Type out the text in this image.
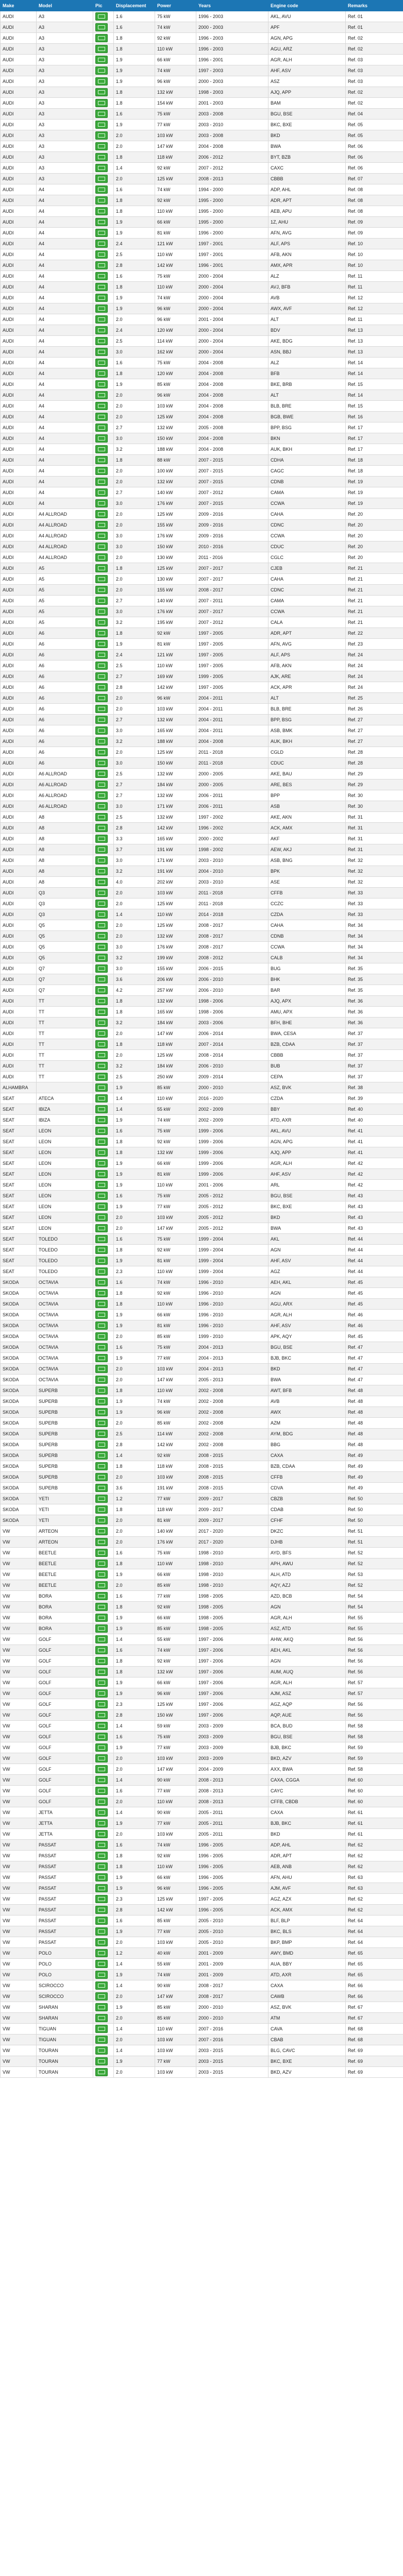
Make	Model	Pic	Displacement	Power	Years	Engine code	Remarks
AUDI	A3		1.6	75 kW	1996 - 2003	AKL, AVU	Ref. 01
AUDI	A3		1.6	74 kW	2000 - 2003	APF	Ref. 01
AUDI	A3		1.8	92 kW	1996 - 2003	AGN, APG	Ref. 02
AUDI	A3		1.8	110 kW	1996 - 2003	AGU, ARZ	Ref. 02
AUDI	A3		1.9	66 kW	1996 - 2001	AGR, ALH	Ref. 03
AUDI	A3		1.9	74 kW	1997 - 2003	AHF, ASV	Ref. 03
AUDI	A3		1.9	96 kW	2000 - 2003	ASZ	Ref. 03
AUDI	A3		1.8	132 kW	1998 - 2003	AJQ, APP	Ref. 02
AUDI	A3		1.8	154 kW	2001 - 2003	BAM	Ref. 02
AUDI	A3		1.6	75 kW	2003 - 2008	BGU, BSE	Ref. 04
AUDI	A3		1.9	77 kW	2003 - 2010	BKC, BXE	Ref. 05
AUDI	A3		2.0	103 kW	2003 - 2008	BKD	Ref. 05
AUDI	A3		2.0	147 kW	2004 - 2008	BWA	Ref. 06
AUDI	A3		1.8	118 kW	2006 - 2012	BYT, BZB	Ref. 06
AUDI	A3		1.4	92 kW	2007 - 2012	CAXC	Ref. 06
AUDI	A3		2.0	125 kW	2008 - 2013	CBBB	Ref. 07
AUDI	A4		1.6	74 kW	1994 - 2000	ADP, AHL	Ref. 08
AUDI	A4		1.8	92 kW	1995 - 2000	ADR, APT	Ref. 08
AUDI	A4		1.8	110 kW	1995 - 2000	AEB, APU	Ref. 08
AUDI	A4		1.9	66 kW	1995 - 2000	1Z, AHU	Ref. 09
AUDI	A4		1.9	81 kW	1996 - 2000	AFN, AVG	Ref. 09
AUDI	A4		2.4	121 kW	1997 - 2001	ALF, APS	Ref. 10
AUDI	A4		2.5	110 kW	1997 - 2001	AFB, AKN	Ref. 10
AUDI	A4		2.8	142 kW	1996 - 2001	AMX, APR	Ref. 10
AUDI	A4		1.6	75 kW	2000 - 2004	ALZ	Ref. 11
AUDI	A4		1.8	110 kW	2000 - 2004	AVJ, BFB	Ref. 11
AUDI	A4		1.9	74 kW	2000 - 2004	AVB	Ref. 12
AUDI	A4		1.9	96 kW	2000 - 2004	AWX, AVF	Ref. 12
AUDI	A4		2.0	96 kW	2001 - 2004	ALT	Ref. 11
AUDI	A4		2.4	120 kW	2000 - 2004	BDV	Ref. 13
AUDI	A4		2.5	114 kW	2000 - 2004	AKE, BDG	Ref. 13
AUDI	A4		3.0	162 kW	2000 - 2004	ASN, BBJ	Ref. 13
AUDI	A4		1.6	75 kW	2004 - 2008	ALZ	Ref. 14
AUDI	A4		1.8	120 kW	2004 - 2008	BFB	Ref. 14
AUDI	A4		1.9	85 kW	2004 - 2008	BKE, BRB	Ref. 15
AUDI	A4		2.0	96 kW	2004 - 2008	ALT	Ref. 14
AUDI	A4		2.0	103 kW	2004 - 2008	BLB, BRE	Ref. 15
AUDI	A4		2.0	125 kW	2004 - 2008	BGB, BWE	Ref. 16
AUDI	A4		2.7	132 kW	2005 - 2008	BPP, BSG	Ref. 17
AUDI	A4		3.0	150 kW	2004 - 2008	BKN	Ref. 17
AUDI	A4		3.2	188 kW	2004 - 2008	AUK, BKH	Ref. 17
AUDI	A4		1.8	88 kW	2007 - 2015	CDHA	Ref. 18
AUDI	A4		2.0	100 kW	2007 - 2015	CAGC	Ref. 18
AUDI	A4		2.0	132 kW	2007 - 2015	CDNB	Ref. 19
AUDI	A4		2.7	140 kW	2007 - 2012	CAMA	Ref. 19
AUDI	A4		3.0	176 kW	2007 - 2015	CCWA	Ref. 19
AUDI	A4 ALLROAD		2.0	125 kW	2009 - 2016	CAHA	Ref. 20
AUDI	A4 ALLROAD		2.0	155 kW	2009 - 2016	CDNC	Ref. 20
AUDI	A4 ALLROAD		3.0	176 kW	2009 - 2016	CCWA	Ref. 20
AUDI	A4 ALLROAD		3.0	150 kW	2010 - 2016	CDUC	Ref. 20
AUDI	A4 ALLROAD		2.0	130 kW	2011 - 2016	CGLC	Ref. 20
AUDI	A5		1.8	125 kW	2007 - 2017	CJEB	Ref. 21
AUDI	A5		2.0	130 kW	2007 - 2017	CAHA	Ref. 21
AUDI	A5		2.0	155 kW	2008 - 2017	CDNC	Ref. 21
AUDI	A5		2.7	140 kW	2007 - 2011	CAMA	Ref. 21
AUDI	A5		3.0	176 kW	2007 - 2017	CCWA	Ref. 21
AUDI	A5		3.2	195 kW	2007 - 2012	CALA	Ref. 21
AUDI	A6		1.8	92 kW	1997 - 2005	ADR, APT	Ref. 22
AUDI	A6		1.9	81 kW	1997 - 2005	AFN, AVG	Ref. 23
AUDI	A6		2.4	121 kW	1997 - 2005	ALF, APS	Ref. 24
AUDI	A6		2.5	110 kW	1997 - 2005	AFB, AKN	Ref. 24
AUDI	A6		2.7	169 kW	1999 - 2005	AJK, ARE	Ref. 24
AUDI	A6		2.8	142 kW	1997 - 2005	ACK, APR	Ref. 24
AUDI	A6		2.0	96 kW	2004 - 2011	ALT	Ref. 25
AUDI	A6		2.0	103 kW	2004 - 2011	BLB, BRE	Ref. 26
AUDI	A6		2.7	132 kW	2004 - 2011	BPP, BSG	Ref. 27
AUDI	A6		3.0	165 kW	2004 - 2011	ASB, BMK	Ref. 27
AUDI	A6		3.2	188 kW	2004 - 2008	AUK, BKH	Ref. 27
AUDI	A6		2.0	125 kW	2011 - 2018	CGLD	Ref. 28
AUDI	A6		3.0	150 kW	2011 - 2018	CDUC	Ref. 28
AUDI	A6 ALLROAD		2.5	132 kW	2000 - 2005	AKE, BAU	Ref. 29
AUDI	A6 ALLROAD		2.7	184 kW	2000 - 2005	ARE, BES	Ref. 29
AUDI	A6 ALLROAD		2.7	132 kW	2006 - 2011	BPP	Ref. 30
AUDI	A6 ALLROAD		3.0	171 kW	2006 - 2011	ASB	Ref. 30
AUDI	A8		2.5	132 kW	1997 - 2002	AKE, AKN	Ref. 31
AUDI	A8		2.8	142 kW	1996 - 2002	ACK, AMX	Ref. 31
AUDI	A8		3.3	165 kW	2000 - 2002	AKF	Ref. 31
AUDI	A8		3.7	191 kW	1998 - 2002	AEW, AKJ	Ref. 31
AUDI	A8		3.0	171 kW	2003 - 2010	ASB, BNG	Ref. 32
AUDI	A8		3.2	191 kW	2004 - 2010	BPK	Ref. 32
AUDI	A8		4.0	202 kW	2003 - 2010	ASE	Ref. 32
AUDI	Q3		2.0	103 kW	2011 - 2018	CFFB	Ref. 33
AUDI	Q3		2.0	125 kW	2011 - 2018	CCZC	Ref. 33
AUDI	Q3		1.4	110 kW	2014 - 2018	CZDA	Ref. 33
AUDI	Q5		2.0	125 kW	2008 - 2017	CAHA	Ref. 34
AUDI	Q5		2.0	132 kW	2008 - 2017	CDNB	Ref. 34
AUDI	Q5		3.0	176 kW	2008 - 2017	CCWA	Ref. 34
AUDI	Q5		3.2	199 kW	2008 - 2012	CALB	Ref. 34
AUDI	Q7		3.0	155 kW	2006 - 2015	BUG	Ref. 35
AUDI	Q7		3.6	206 kW	2006 - 2010	BHK	Ref. 35
AUDI	Q7		4.2	257 kW	2006 - 2010	BAR	Ref. 35
AUDI	TT		1.8	132 kW	1998 - 2006	AJQ, APX	Ref. 36
AUDI	TT		1.8	165 kW	1998 - 2006	AMU, APX	Ref. 36
AUDI	TT		3.2	184 kW	2003 - 2006	BFH, BHE	Ref. 36
AUDI	TT		2.0	147 kW	2006 - 2014	BWA, CESA	Ref. 37
AUDI	TT		1.8	118 kW	2007 - 2014	BZB, CDAA	Ref. 37
AUDI	TT		2.0	125 kW	2008 - 2014	CBBB	Ref. 37
AUDI	TT		3.2	184 kW	2006 - 2010	BUB	Ref. 37
AUDI	TT		2.5	250 kW	2009 - 2014	CEPA	Ref. 37
ALHAMBRA			1.9	85 kW	2000 - 2010	ASZ, BVK	Ref. 38
SEAT	ATECA		1.4	110 kW	2016 - 2020	CZDA	Ref. 39
SEAT	IBIZA		1.4	55 kW	2002 - 2009	BBY	Ref. 40
SEAT	IBIZA		1.9	74 kW	2002 - 2009	ATD, AXR	Ref. 40
SEAT	LEON		1.6	75 kW	1999 - 2006	AKL, AVU	Ref. 41
SEAT	LEON		1.8	92 kW	1999 - 2006	AGN, APG	Ref. 41
SEAT	LEON		1.8	132 kW	1999 - 2006	AJQ, APP	Ref. 41
SEAT	LEON		1.9	66 kW	1999 - 2006	AGR, ALH	Ref. 42
SEAT	LEON		1.9	81 kW	1999 - 2006	AHF, ASV	Ref. 42
SEAT	LEON		1.9	110 kW	2001 - 2006	ARL	Ref. 42
SEAT	LEON		1.6	75 kW	2005 - 2012	BGU, BSE	Ref. 43
SEAT	LEON		1.9	77 kW	2005 - 2012	BKC, BXE	Ref. 43
SEAT	LEON		2.0	103 kW	2005 - 2012	BKD	Ref. 43
SEAT	LEON		2.0	147 kW	2005 - 2012	BWA	Ref. 43
SEAT	TOLEDO		1.6	75 kW	1999 - 2004	AKL	Ref. 44
SEAT	TOLEDO		1.8	92 kW	1999 - 2004	AGN	Ref. 44
SEAT	TOLEDO		1.9	81 kW	1999 - 2004	AHF, ASV	Ref. 44
SEAT	TOLEDO		2.3	110 kW	1999 - 2004	AGZ	Ref. 44
SKODA	OCTAVIA		1.6	74 kW	1996 - 2010	AEH, AKL	Ref. 45
SKODA	OCTAVIA		1.8	92 kW	1996 - 2010	AGN	Ref. 45
SKODA	OCTAVIA		1.8	110 kW	1996 - 2010	AGU, ARX	Ref. 45
SKODA	OCTAVIA		1.9	66 kW	1996 - 2010	AGR, ALH	Ref. 46
SKODA	OCTAVIA		1.9	81 kW	1996 - 2010	AHF, ASV	Ref. 46
SKODA	OCTAVIA		2.0	85 kW	1999 - 2010	APK, AQY	Ref. 45
SKODA	OCTAVIA		1.6	75 kW	2004 - 2013	BGU, BSE	Ref. 47
SKODA	OCTAVIA		1.9	77 kW	2004 - 2013	BJB, BKC	Ref. 47
SKODA	OCTAVIA		2.0	103 kW	2004 - 2013	BKD	Ref. 47
SKODA	OCTAVIA		2.0	147 kW	2005 - 2013	BWA	Ref. 47
SKODA	SUPERB		1.8	110 kW	2002 - 2008	AWT, BFB	Ref. 48
SKODA	SUPERB		1.9	74 kW	2002 - 2008	AVB	Ref. 48
SKODA	SUPERB		1.9	96 kW	2002 - 2008	AWX	Ref. 48
SKODA	SUPERB		2.0	85 kW	2002 - 2008	AZM	Ref. 48
SKODA	SUPERB		2.5	114 kW	2002 - 2008	AYM, BDG	Ref. 48
SKODA	SUPERB		2.8	142 kW	2002 - 2008	BBG	Ref. 48
SKODA	SUPERB		1.4	92 kW	2008 - 2015	CAXA	Ref. 49
SKODA	SUPERB		1.8	118 kW	2008 - 2015	BZB, CDAA	Ref. 49
SKODA	SUPERB		2.0	103 kW	2008 - 2015	CFFB	Ref. 49
SKODA	SUPERB		3.6	191 kW	2008 - 2015	CDVA	Ref. 49
SKODA	YETI		1.2	77 kW	2009 - 2017	CBZB	Ref. 50
SKODA	YETI		1.8	118 kW	2009 - 2017	CDAB	Ref. 50
SKODA	YETI		2.0	81 kW	2009 - 2017	CFHF	Ref. 50
VW	ARTEON		2.0	140 kW	2017 - 2020	DKZC	Ref. 51
VW	ARTEON		2.0	176 kW	2017 - 2020	DJHB	Ref. 51
VW	BEETLE		1.6	75 kW	1998 - 2010	AYD, BFS	Ref. 52
VW	BEETLE		1.8	110 kW	1998 - 2010	APH, AWU	Ref. 52
VW	BEETLE		1.9	66 kW	1998 - 2010	ALH, ATD	Ref. 53
VW	BEETLE		2.0	85 kW	1998 - 2010	AQY, AZJ	Ref. 52
VW	BORA		1.6	77 kW	1998 - 2005	AZD, BCB	Ref. 54
VW	BORA		1.8	92 kW	1998 - 2005	AGN	Ref. 54
VW	BORA		1.9	66 kW	1998 - 2005	AGR, ALH	Ref. 55
VW	BORA		1.9	85 kW	1998 - 2005	ASZ, ATD	Ref. 55
VW	GOLF		1.4	55 kW	1997 - 2006	AHW, AKQ	Ref. 56
VW	GOLF		1.6	74 kW	1997 - 2006	AEH, AKL	Ref. 56
VW	GOLF		1.8	92 kW	1997 - 2006	AGN	Ref. 56
VW	GOLF		1.8	132 kW	1997 - 2006	AUM, AUQ	Ref. 56
VW	GOLF		1.9	66 kW	1997 - 2006	AGR, ALH	Ref. 57
VW	GOLF		1.9	96 kW	1997 - 2006	AJM, ASZ	Ref. 57
VW	GOLF		2.3	125 kW	1997 - 2006	AGZ, AQP	Ref. 56
VW	GOLF		2.8	150 kW	1997 - 2006	AQP, AUE	Ref. 56
VW	GOLF		1.4	59 kW	2003 - 2009	BCA, BUD	Ref. 58
VW	GOLF		1.6	75 kW	2003 - 2009	BGU, BSE	Ref. 58
VW	GOLF		1.9	77 kW	2003 - 2009	BJB, BKC	Ref. 59
VW	GOLF		2.0	103 kW	2003 - 2009	BKD, AZV	Ref. 59
VW	GOLF		2.0	147 kW	2004 - 2009	AXX, BWA	Ref. 58
VW	GOLF		1.4	90 kW	2008 - 2013	CAXA, CGGA	Ref. 60
VW	GOLF		1.6	77 kW	2008 - 2013	CAYC	Ref. 60
VW	GOLF		2.0	110 kW	2008 - 2013	CFFB, CBDB	Ref. 60
VW	JETTA		1.4	90 kW	2005 - 2011	CAXA	Ref. 61
VW	JETTA		1.9	77 kW	2005 - 2011	BJB, BKC	Ref. 61
VW	JETTA		2.0	103 kW	2005 - 2011	BKD	Ref. 61
VW	PASSAT		1.6	74 kW	1996 - 2005	ADP, AHL	Ref. 62
VW	PASSAT		1.8	92 kW	1996 - 2005	ADR, APT	Ref. 62
VW	PASSAT		1.8	110 kW	1996 - 2005	AEB, ANB	Ref. 62
VW	PASSAT		1.9	66 kW	1996 - 2005	AFN, AHU	Ref. 63
VW	PASSAT		1.9	96 kW	1996 - 2005	AJM, AVF	Ref. 63
VW	PASSAT		2.3	125 kW	1997 - 2005	AGZ, AZX	Ref. 62
VW	PASSAT		2.8	142 kW	1996 - 2005	ACK, AMX	Ref. 62
VW	PASSAT		1.6	85 kW	2005 - 2010	BLF, BLP	Ref. 64
VW	PASSAT		1.9	77 kW	2005 - 2010	BKC, BLS	Ref. 64
VW	PASSAT		2.0	103 kW	2005 - 2010	BKP, BMP	Ref. 64
VW	POLO		1.2	40 kW	2001 - 2009	AWY, BMD	Ref. 65
VW	POLO		1.4	55 kW	2001 - 2009	AUA, BBY	Ref. 65
VW	POLO		1.9	74 kW	2001 - 2009	ATD, AXR	Ref. 65
VW	SCIROCCO		1.4	90 kW	2008 - 2017	CAXA	Ref. 66
VW	SCIROCCO		2.0	147 kW	2008 - 2017	CAWB	Ref. 66
VW	SHARAN		1.9	85 kW	2000 - 2010	ASZ, BVK	Ref. 67
VW	SHARAN		2.0	85 kW	2000 - 2010	ATM	Ref. 67
VW	TIGUAN		1.4	110 kW	2007 - 2016	CAVA	Ref. 68
VW	TIGUAN		2.0	103 kW	2007 - 2016	CBAB	Ref. 68
VW	TOURAN		1.4	103 kW	2003 - 2015	BLG, CAVC	Ref. 69
VW	TOURAN		1.9	77 kW	2003 - 2015	BKC, BXE	Ref. 69
VW	TOURAN		2.0	103 kW	2003 - 2015	BKD, AZV	Ref. 69
